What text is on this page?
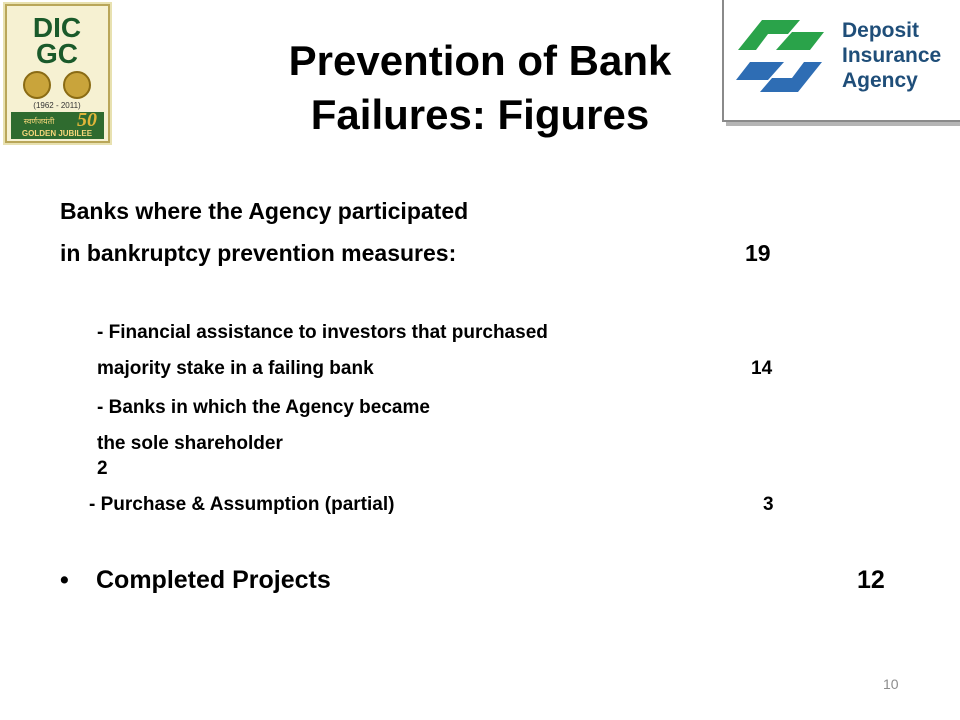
DIC
GC
(1962 - 2011)
स्वर्णजयंती 50
GOLDEN JUBILEE
Prevention of Bank
Failures: Figures
Deposit
Insurance
Agency
Banks where the Agency participated
in bankruptcy prevention measures:	19
- Financial assistance to investors that purchased
majority stake in a failing bank	14
- Banks in which the Agency became
the sole shareholder
2
- Purchase & Assumption (partial)	3
• Completed Projects	12
10
